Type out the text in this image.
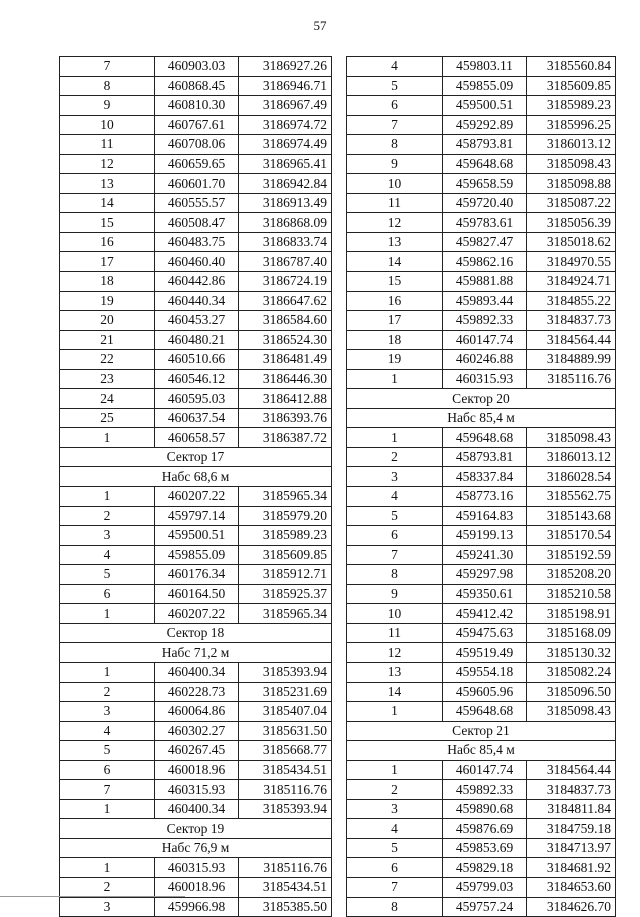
57
7	460903.03	3186927.26
8	460868.45	3186946.71
9	460810.30	3186967.49
10	460767.61	3186974.72
11	460708.06	3186974.49
12	460659.65	3186965.41
13	460601.70	3186942.84
14	460555.57	3186913.49
15	460508.47	3186868.09
16	460483.75	3186833.74
17	460460.40	3186787.40
18	460442.86	3186724.19
19	460440.34	3186647.62
20	460453.27	3186584.60
21	460480.21	3186524.30
22	460510.66	3186481.49
23	460546.12	3186446.30
24	460595.03	3186412.88
25	460637.54	3186393.76
1	460658.57	3186387.72
Сектор 17		
Набс 68,6 м		
1	460207.22	3185965.34
2	459797.14	3185979.20
3	459500.51	3185989.23
4	459855.09	3185609.85
5	460176.34	3185912.71
6	460164.50	3185925.37
1	460207.22	3185965.34
Сектор 18		
Набс 71,2 м		
1	460400.34	3185393.94
2	460228.73	3185231.69
3	460064.86	3185407.04
4	460302.27	3185631.50
5	460267.45	3185668.77
6	460018.96	3185434.51
7	460315.93	3185116.76
1	460400.34	3185393.94
Сектор 19		
Набс 76,9 м		
1	460315.93	3185116.76
2	460018.96	3185434.51
3	459966.98	3185385.50
4	459803.11	3185560.84
5	459855.09	3185609.85
6	459500.51	3185989.23
7	459292.89	3185996.25
8	458793.81	3186013.12
9	459648.68	3185098.43
10	459658.59	3185098.88
11	459720.40	3185087.22
12	459783.61	3185056.39
13	459827.47	3185018.62
14	459862.16	3184970.55
15	459881.88	3184924.71
16	459893.44	3184855.22
17	459892.33	3184837.73
18	460147.74	3184564.44
19	460246.88	3184889.99
1	460315.93	3185116.76
Сектор 20		
Набс 85,4 м		
1	459648.68	3185098.43
2	458793.81	3186013.12
3	458337.84	3186028.54
4	458773.16	3185562.75
5	459164.83	3185143.68
6	459199.13	3185170.54
7	459241.30	3185192.59
8	459297.98	3185208.20
9	459350.61	3185210.58
10	459412.42	3185198.91
11	459475.63	3185168.09
12	459519.49	3185130.32
13	459554.18	3185082.24
14	459605.96	3185096.50
1	459648.68	3185098.43
Сектор 21		
Набс 85,4 м		
1	460147.74	3184564.44
2	459892.33	3184837.73
3	459890.68	3184811.84
4	459876.69	3184759.18
5	459853.69	3184713.97
6	459829.18	3184681.92
7	459799.03	3184653.60
8	459757.24	3184626.70
